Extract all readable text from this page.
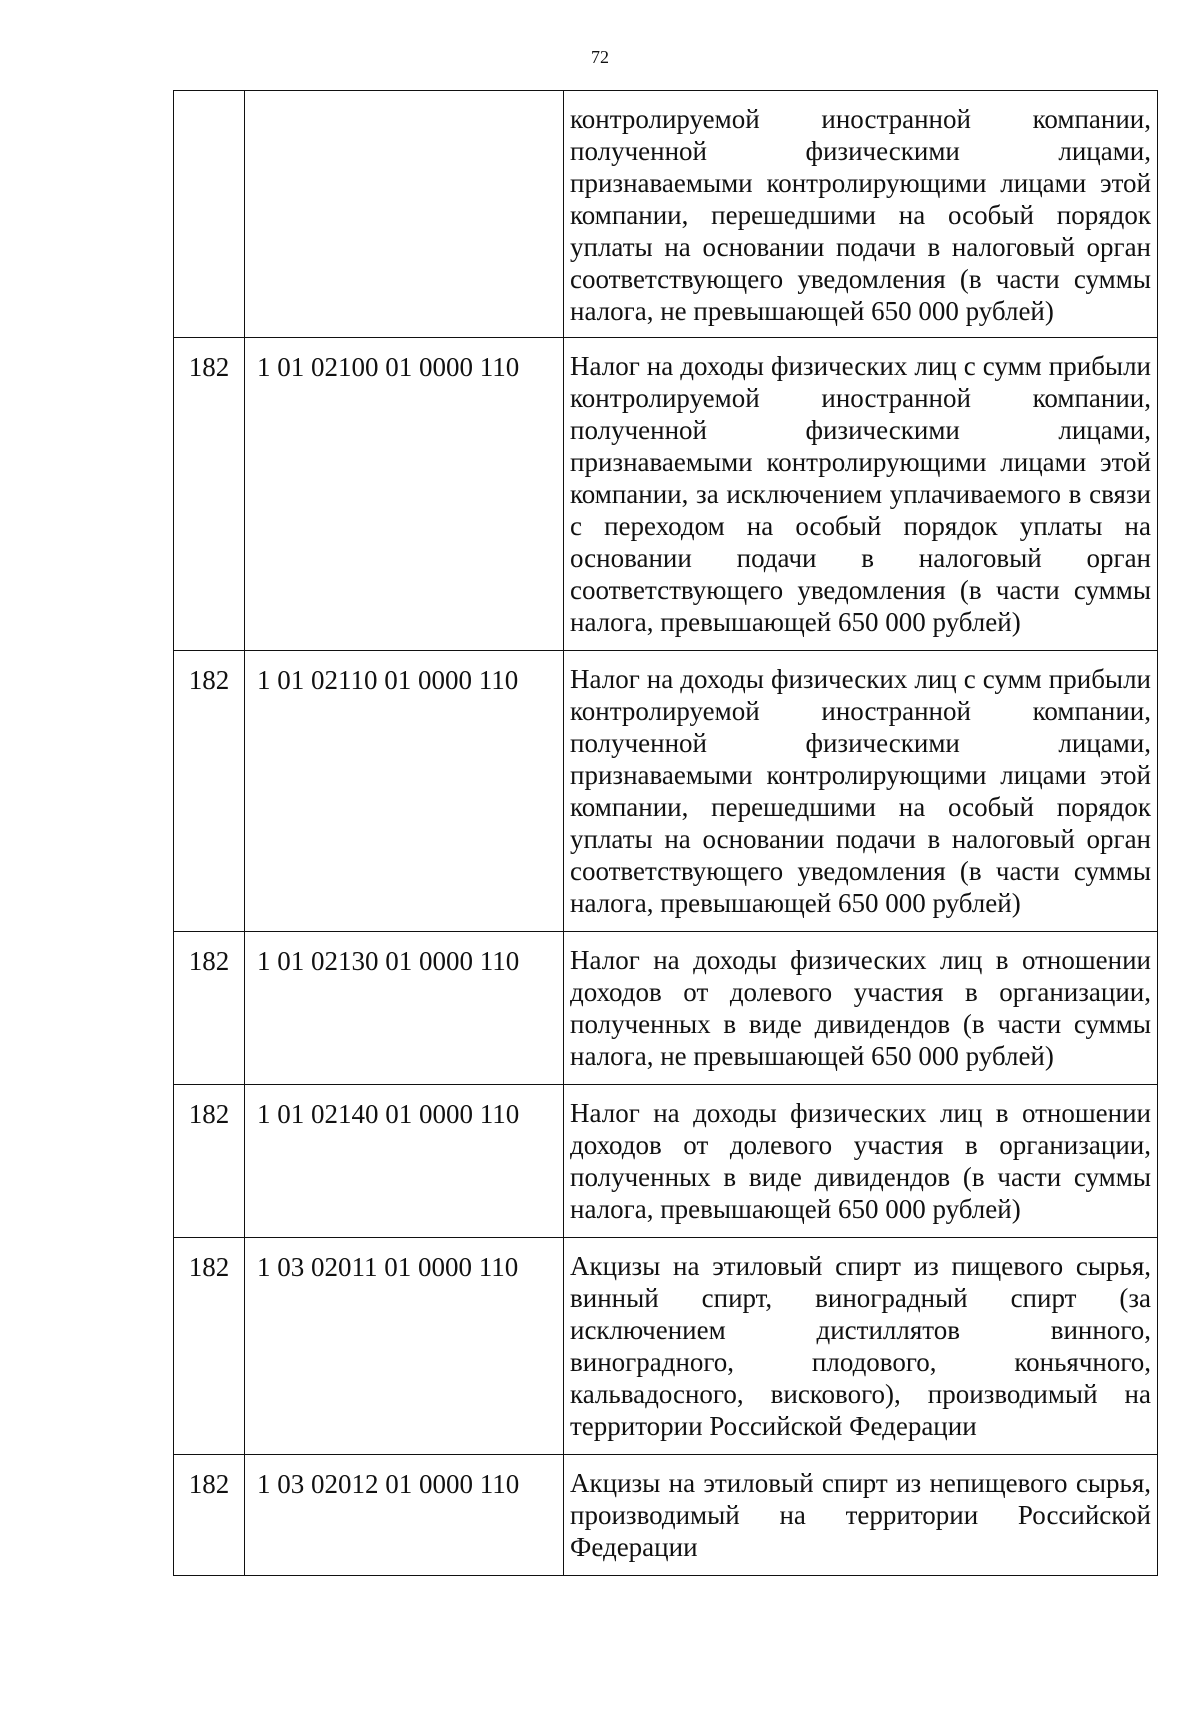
72
		контролируемой иностранной компании, полученной физическими лицами, признаваемыми контролирующими лицами этой компании, перешедшими на особый порядок уплаты на основании подачи в налоговый орган соответствующего уведомления (в части суммы налога, не превышающей 650 000 рублей)
182	1 01 02100 01 0000 110	Налог на доходы физических лиц с сумм прибыли контролируемой иностранной компании, полученной физическими лицами, признаваемыми контролирующими лицами этой компании, за исключением уплачиваемого в связи с переходом на особый порядок уплаты на основании подачи в налоговый орган соответствующего уведомления (в части суммы налога, превышающей 650 000 рублей)
182	1 01 02110 01 0000 110	Налог на доходы физических лиц с сумм прибыли контролируемой иностранной компании, полученной физическими лицами, признаваемыми контролирующими лицами этой компании, перешедшими на особый порядок уплаты на основании подачи в налоговый орган соответствующего уведомления (в части суммы налога, превышающей 650 000 рублей)
182	1 01 02130 01 0000 110	Налог на доходы физических лиц в отношении доходов от долевого участия в организации, полученных в виде дивидендов (в части суммы налога, не превышающей 650 000 рублей)
182	1 01 02140 01 0000 110	Налог на доходы физических лиц в отношении доходов от долевого участия в организации, полученных в виде дивидендов (в части суммы налога, превышающей 650 000 рублей)
182	1 03 02011 01 0000 110	Акцизы на этиловый спирт из пищевого сырья, винный спирт, виноградный спирт (за исключением дистиллятов винного, виноградного, плодового, коньячного, кальвадосного, вискового), производимый на территории Российской Федерации
182	1 03 02012 01 0000 110	Акцизы на этиловый спирт из непищевого сырья, производимый на территории Российской Федерации
